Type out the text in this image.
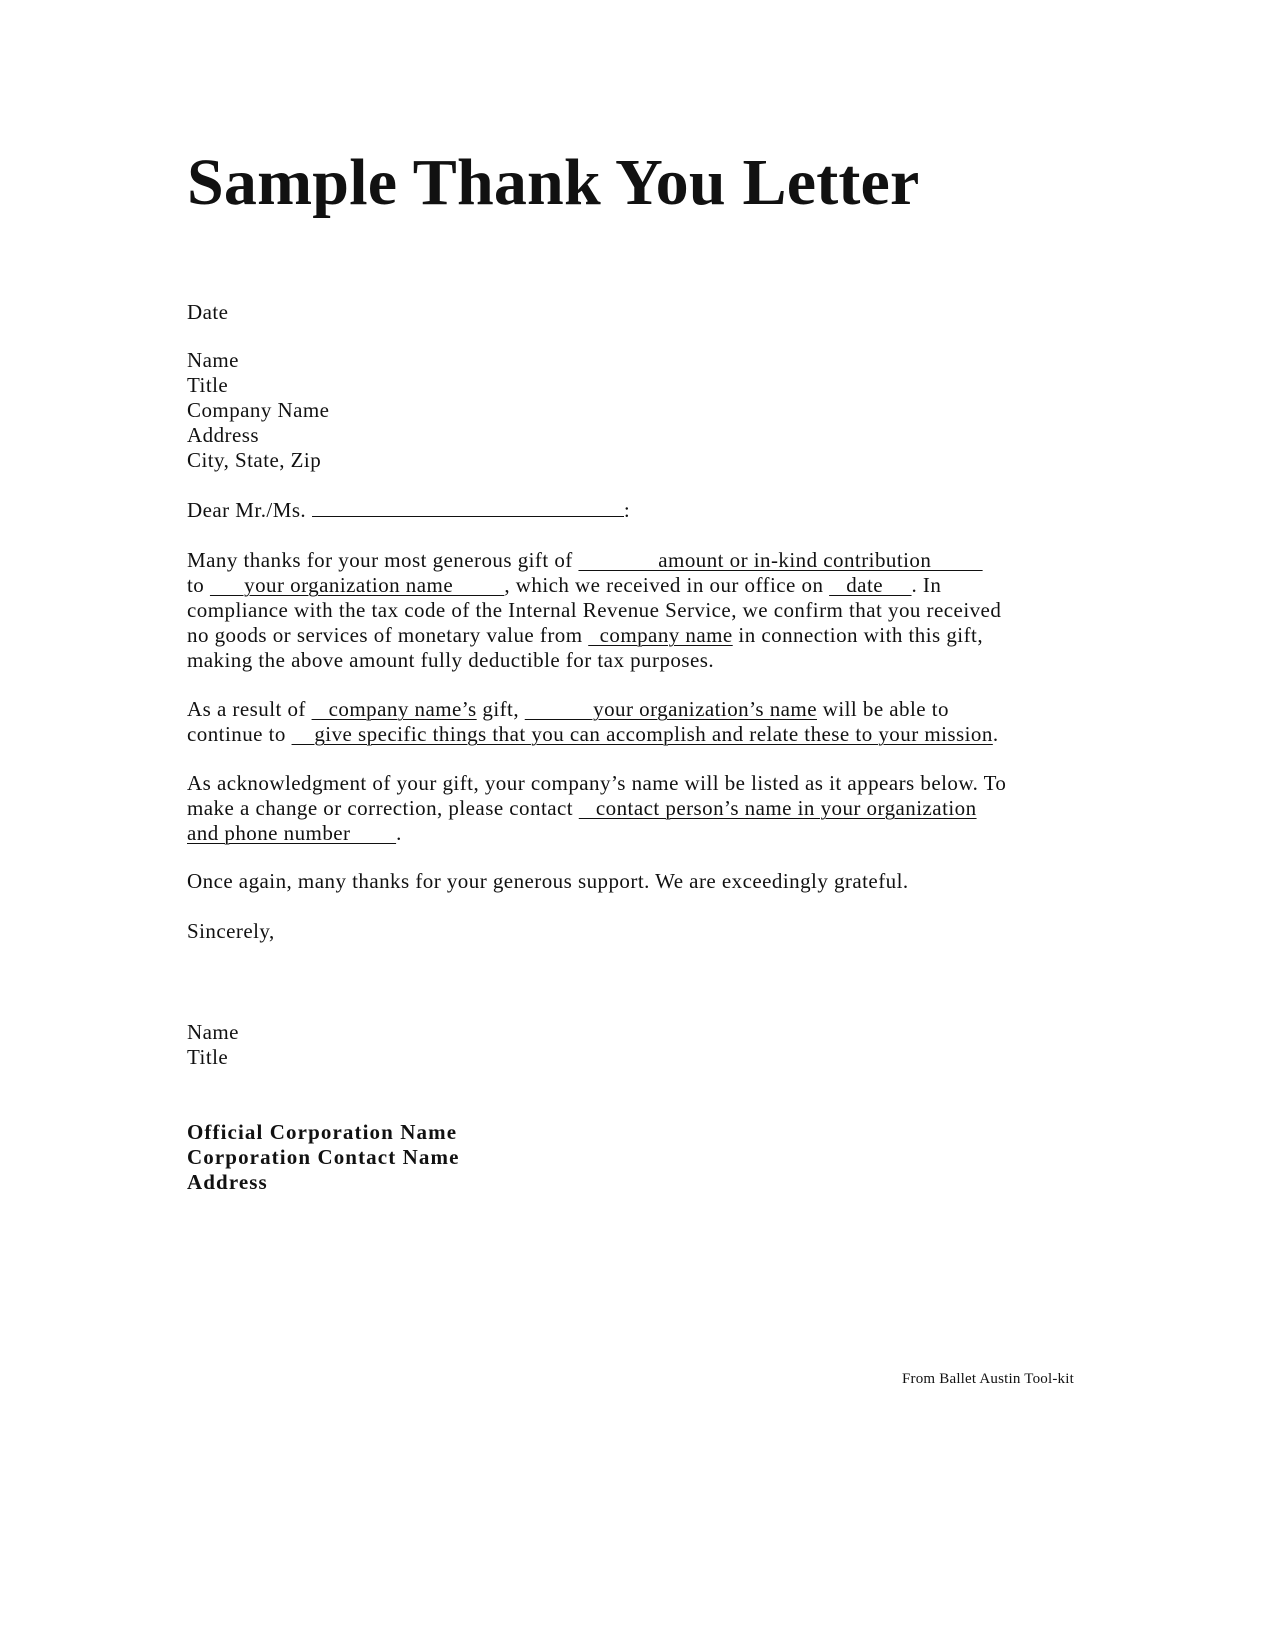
Sample Thank You Letter
Date
Name
Title
Company Name
Address
City, State, Zip
Dear Mr./Ms.	:
Many thanks for your most generous gift of               amount or in-kind contribution
to       your organization name         , which we received in our office on    date     . In
compliance with the tax code of the Internal Revenue Service, we confirm that you received
no goods or services of monetary value from   company name in connection with this gift,
making the above amount fully deductible for tax purposes.
As a result of    company name’s gift,             your organization’s name will be able to
continue to     give specific things that you can accomplish and relate these to your mission.
As acknowledgment of your gift, your company’s name will be listed as it appears below. To
make a change or correction, please contact    contact person’s name in your organization
and phone number        .
Once again, many thanks for your generous support. We are exceedingly grateful.
Sincerely,
Name
Title
Official Corporation Name
Corporation Contact Name
Address
From Ballet Austin Tool-kit
